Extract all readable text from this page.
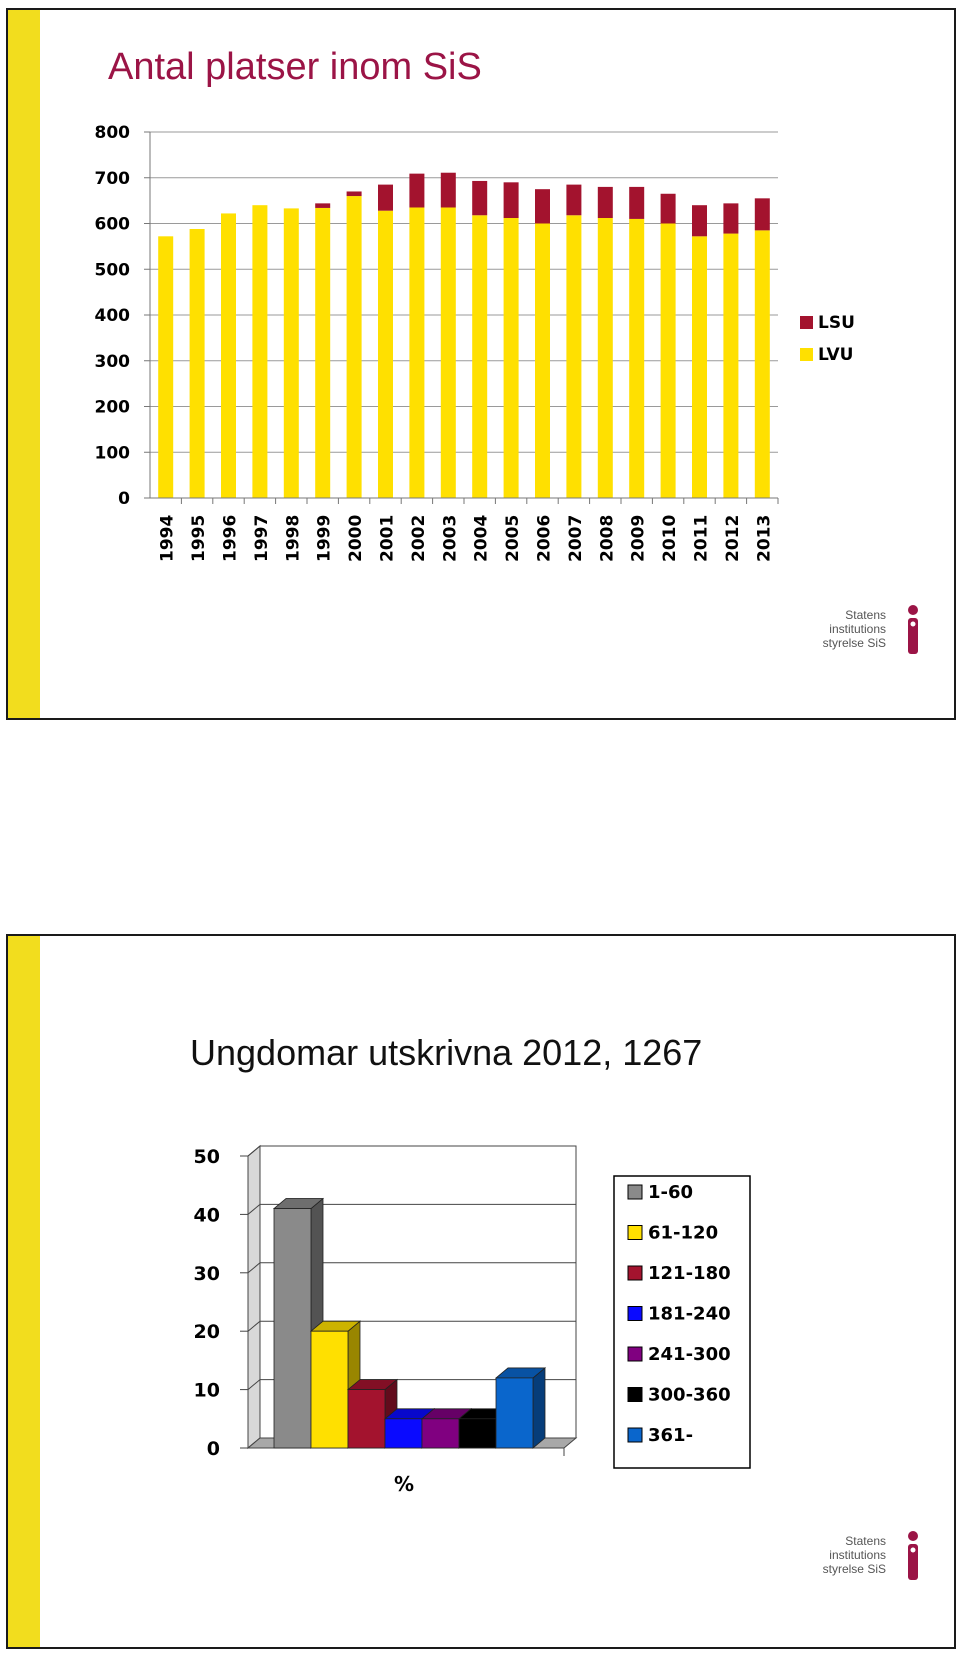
Antal platser inom SiS
0
100
200
300
400
500
600
700
800
1994 1995 1996 1997 1998 1999 2000 2001 2002 2003 2004 2005 2006 2007 2008 2009 2010 2011 2012 2013
LSU
LVU
Statens
institutions
styrelse SiS
Ungdomar utskrivna 2012, 1267
0
10
20
30
40
50
%
1-60
61-120
121-180
181-240
241-300
300-360
361-
Statens
institutions
styrelse SiS
